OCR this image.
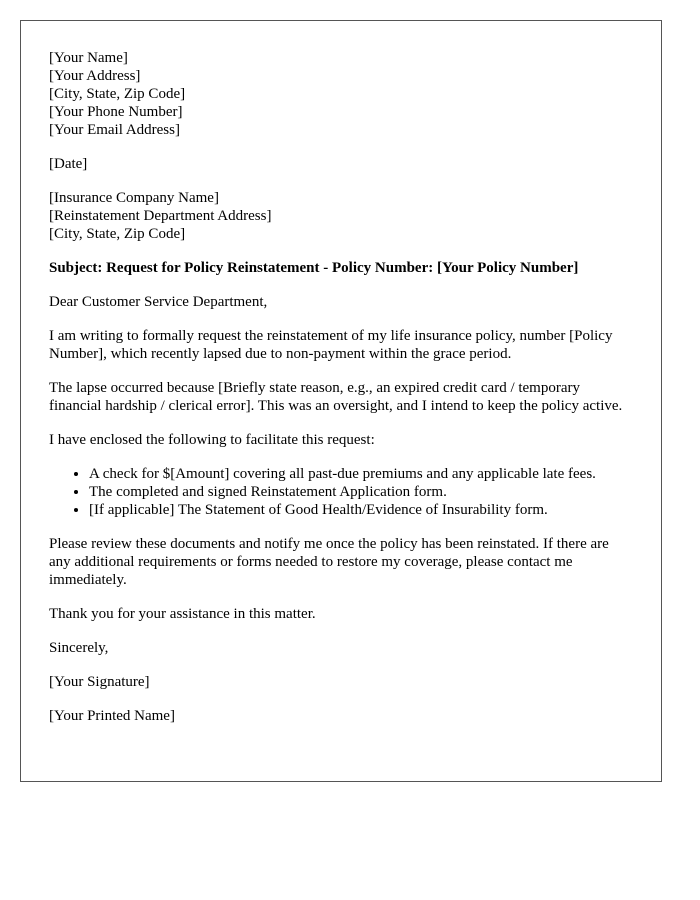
[Your Name]
[Your Address]
[City, State, Zip Code]
[Your Phone Number]
[Your Email Address]

[Date]

[Insurance Company Name]
[Reinstatement Department Address]
[City, State, Zip Code]

Subject: Request for Policy Reinstatement - Policy Number: [Your Policy Number]

Dear Customer Service Department,

I am writing to formally request the reinstatement of my life insurance policy, number [Policy Number], which recently lapsed due to non-payment within the grace period.

The lapse occurred because [Briefly state reason, e.g., an expired credit card / temporary financial hardship / clerical error]. This was an oversight, and I intend to keep the policy active.

I have enclosed the following to facilitate this request:

• A check for $[Amount] covering all past-due premiums and any applicable late fees.
• The completed and signed Reinstatement Application form.
• [If applicable] The Statement of Good Health/Evidence of Insurability form.

Please review these documents and notify me once the policy has been reinstated. If there are any additional requirements or forms needed to restore my coverage, please contact me immediately.

Thank you for your assistance in this matter.

Sincerely,

[Your Signature]

[Your Printed Name]
